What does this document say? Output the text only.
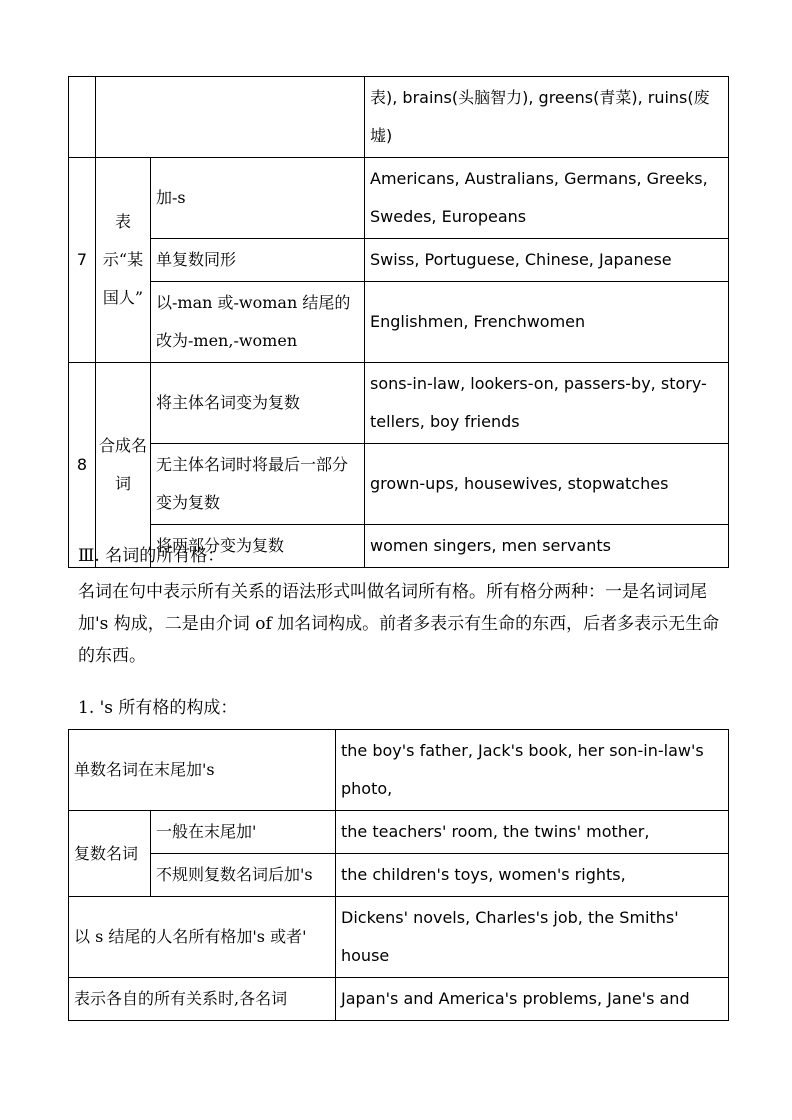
			表), brains(头脑智力), greens(青菜), ruins(废墟)
7	表示“某国人”	加-s	Americans, Australians, Germans, Greeks, Swedes, Europeans
		单复数同形	Swiss, Portuguese, Chinese, Japanese
		以-man 或-woman 结尾的改为-men,-women	Englishmen, Frenchwomen
8	合成名词	将主体名词变为复数	sons-in-law, lookers-on, passers-by, story-tellers, boy friends
		无主体名词时将最后一部分变为复数	grown-ups, housewives, stopwatches
		将两部分变为复数	women singers, men servants

Ⅲ. 名词的所有格：

名词在句中表示所有关系的语法形式叫做名词所有格。所有格分两种：一是名词词尾加's 构成，二是由介词 of 加名词构成。前者多表示有生命的东西，后者多表示无生命的东西。

1. 's 所有格的构成：

单数名词在末尾加's		the boy's father, Jack's book, her son-in-law's photo,
复数名词	一般在末尾加'	the teachers' room, the twins' mother,
	不规则复数名词后加's	the children's toys, women's rights,
以 s 结尾的人名所有格加's 或者'		Dickens' novels, Charles's job, the Smiths' house
表示各自的所有关系时,各名词		Japan's and America's problems, Jane's and
